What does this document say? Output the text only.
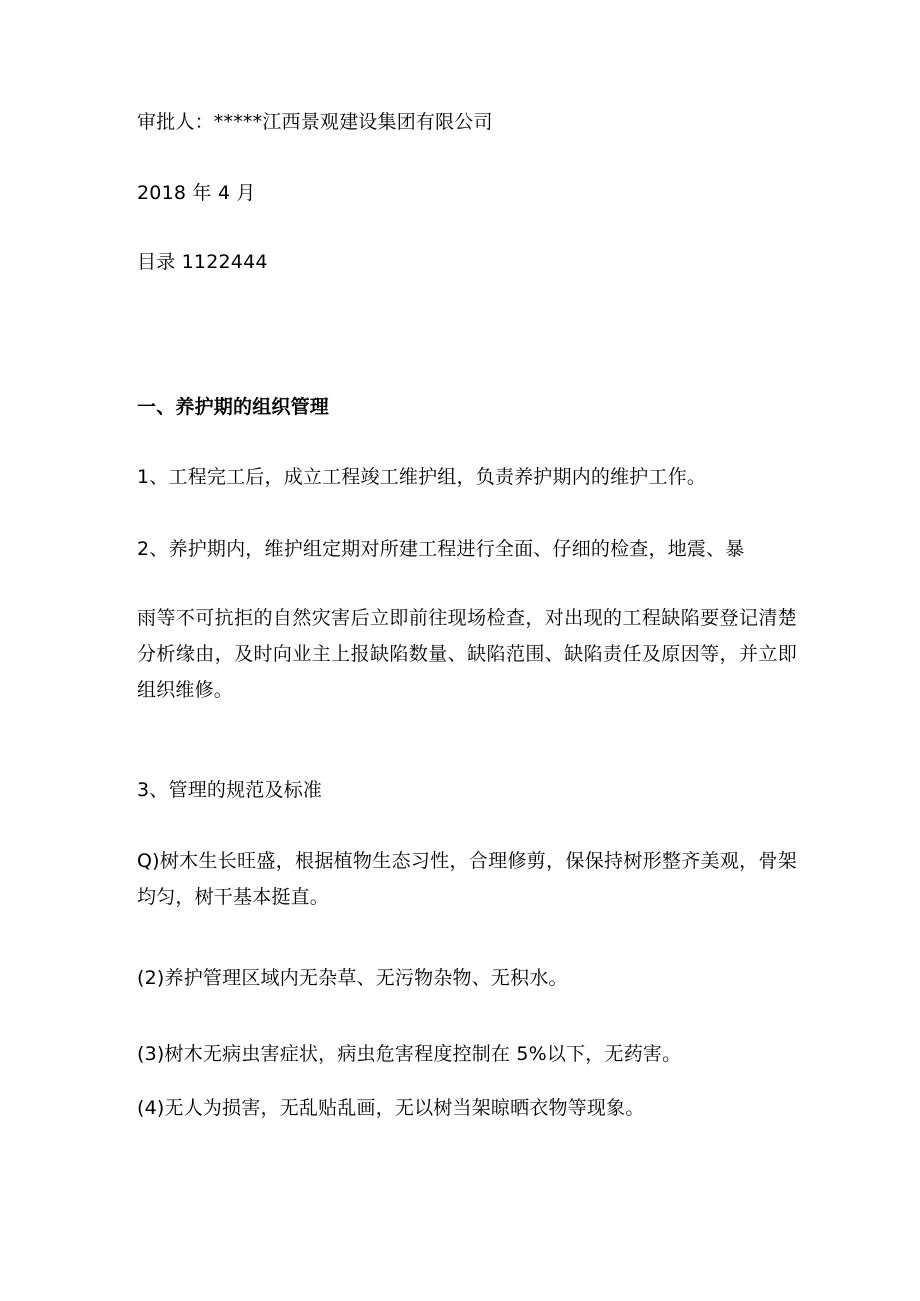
审批人：*****江西景观建设集团有限公司
2018 年 4 月
目录 1122444
一、养护期的组织管理
1、工程完工后，成立工程竣工维护组，负责养护期内的维护工作。
2、养护期内，维护组定期对所建工程进行全面、仔细的检查，地震、暴
雨等不可抗拒的自然灾害后立即前往现场检查，对出现的工程缺陷要登记清楚分析缘由，及时向业主上报缺陷数量、缺陷范围、缺陷责任及原因等，并立即组织维修。
3、管理的规范及标准
Q)树木生长旺盛，根据植物生态习性，合理修剪，保保持树形整齐美观，骨架均匀，树干基本挺直。
(2)养护管理区域内无杂草、无污物杂物、无积水。
(3)树木无病虫害症状，病虫危害程度控制在 5%以下，无药害。
(4)无人为损害，无乱贴乱画，无以树当架晾晒衣物等现象。
